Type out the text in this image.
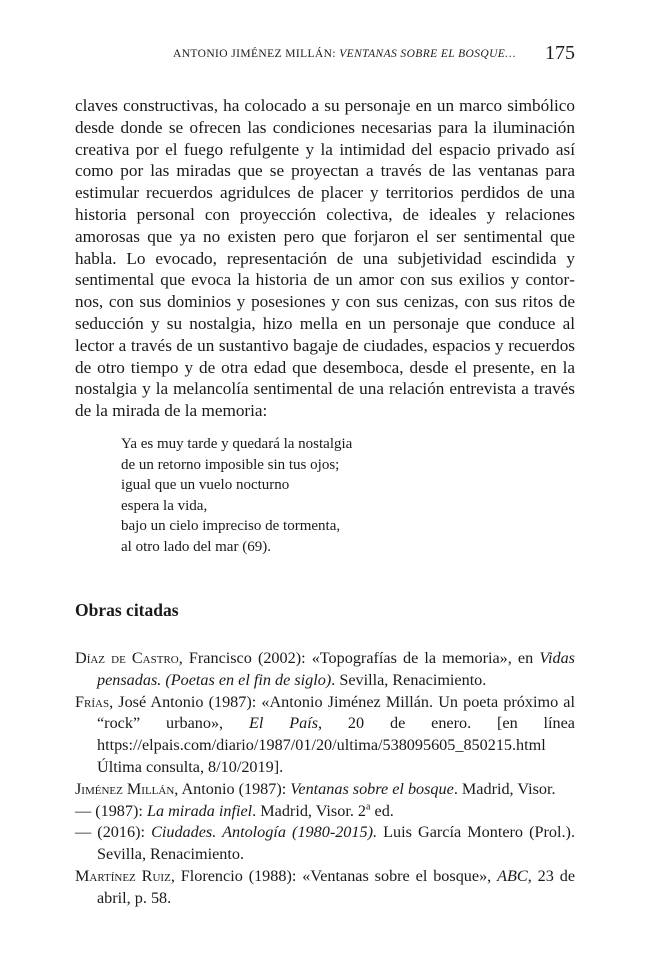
ANTONIO JIMÉNEZ MILLÁN: VENTANAS SOBRE EL BOSQUE… 175

claves constructivas, ha colocado a su personaje en un marco simbólico desde donde se ofrecen las condiciones necesarias para la iluminación creativa por el fuego refulgente y la intimidad del espacio privado así como por las miradas que se proyectan a través de las ventanas para estimular recuerdos agridulces de placer y territorios perdidos de una historia personal con proyección colectiva, de ideales y relaciones amorosas que ya no existen pero que forjaron el ser sentimental que habla. Lo evocado, representación de una subjetividad escindida y sentimental que evoca la historia de un amor con sus exilios y contornos, con sus dominios y posesiones y con sus cenizas, con sus ritos de seducción y su nostalgia, hizo mella en un personaje que conduce al lector a través de un sustantivo bagaje de ciudades, espacios y recuerdos de otro tiempo y de otra edad que desemboca, desde el presente, en la nostalgia y la melancolía sentimental de una relación entrevista a través de la mirada de la memoria:

Ya es muy tarde y quedará la nostalgia
de un retorno imposible sin tus ojos;
igual que un vuelo nocturno
espera la vida,
bajo un cielo impreciso de tormenta,
al otro lado del mar (69).
Obras citadas
Díaz de Castro, Francisco (2002): «Topografías de la memoria», en Vidas pensadas. (Poetas en el fin de siglo). Sevilla, Renacimiento.
Frías, José Antonio (1987): «Antonio Jiménez Millán. Un poeta próximo al “rock” urbano», El País, 20 de enero. [en línea https://elpais.com/diario/1987/01/20/ultima/538095605_850215.html Última consulta, 8/10/2019].
Jiménez Millán, Antonio (1987): Ventanas sobre el bosque. Madrid, Visor.
— (1987): La mirada infiel. Madrid, Visor. 2$^a$ ed.
— (2016): Ciudades. Antología (1980-2015). Luis García Montero (Prol.). Sevilla, Renacimiento.
Martínez Ruiz, Florencio (1988): «Ventanas sobre el bosque», ABC, 23 de abril, p. 58.
